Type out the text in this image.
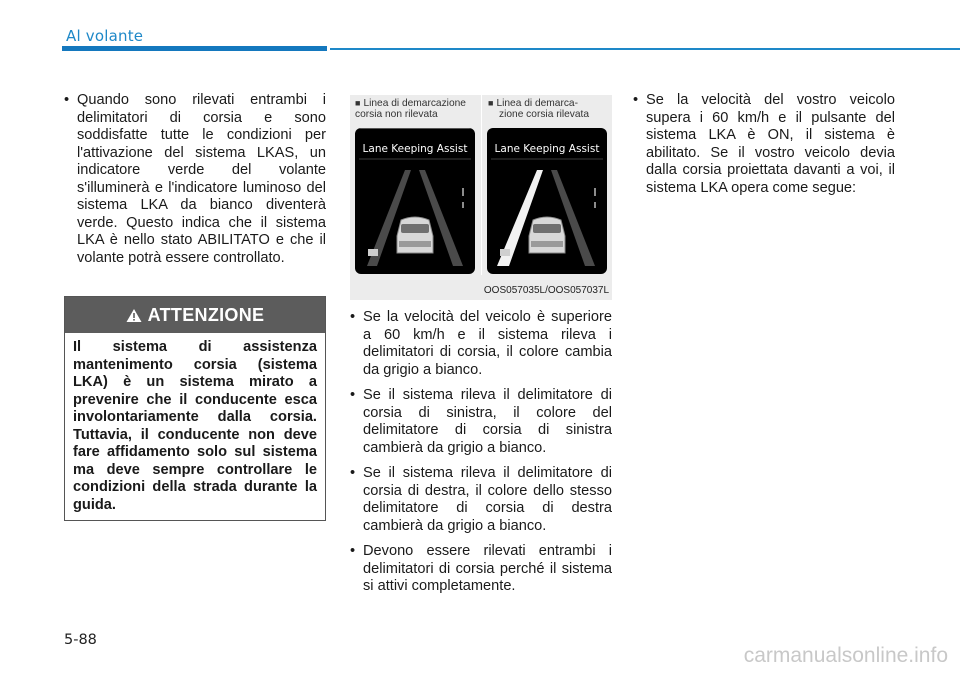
Al volante
• Quando sono rilevati entrambi i delimitatori di corsia e sono soddisfatte tutte le condizioni per l'attivazione del sistema LKAS, un indicatore verde del volante s'illuminerà e l'indicatore luminoso del sistema LKA da bianco diventerà verde. Questo indica che il sistema LKA è nello stato ABILITATO e che il volante potrà essere controllato.
ATTENZIONE
Il sistema di assistenza mantenimento corsia (sistema LKA) è un sistema mirato a prevenire che il conducente esca involontariamente dalla corsia. Tuttavia, il conducente non deve fare affidamento solo sul sistema ma deve sempre controllare le condizioni della strada durante la guida.
■ Linea di demarcazione corsia non rilevata
■ Linea di demarca-
zione corsia rilevata
Lane Keeping Assist	Lane Keeping Assist
OOS057035L/OOS057037L
• Se la velocità del veicolo è superiore a 60 km/h e il sistema rileva i delimitatori di corsia, il colore cambia da grigio a bianco.
• Se il sistema rileva il delimitatore di corsia di sinistra, il colore del delimitatore di corsia di sinistra cambierà da grigio a bianco.
• Se il sistema rileva il delimitatore di corsia di destra, il colore dello stesso delimitatore di corsia di destra cambierà da grigio a bianco.
• Devono essere rilevati entrambi i delimitatori di corsia perché il sistema si attivi completamente.
• Se la velocità del vostro veicolo supera i 60 km/h e il pulsante del sistema LKA è ON, il sistema è abilitato. Se il vostro veicolo devia dalla corsia proiettata davanti a voi, il sistema LKA opera come segue:
5-88
carmanualsonline.info
